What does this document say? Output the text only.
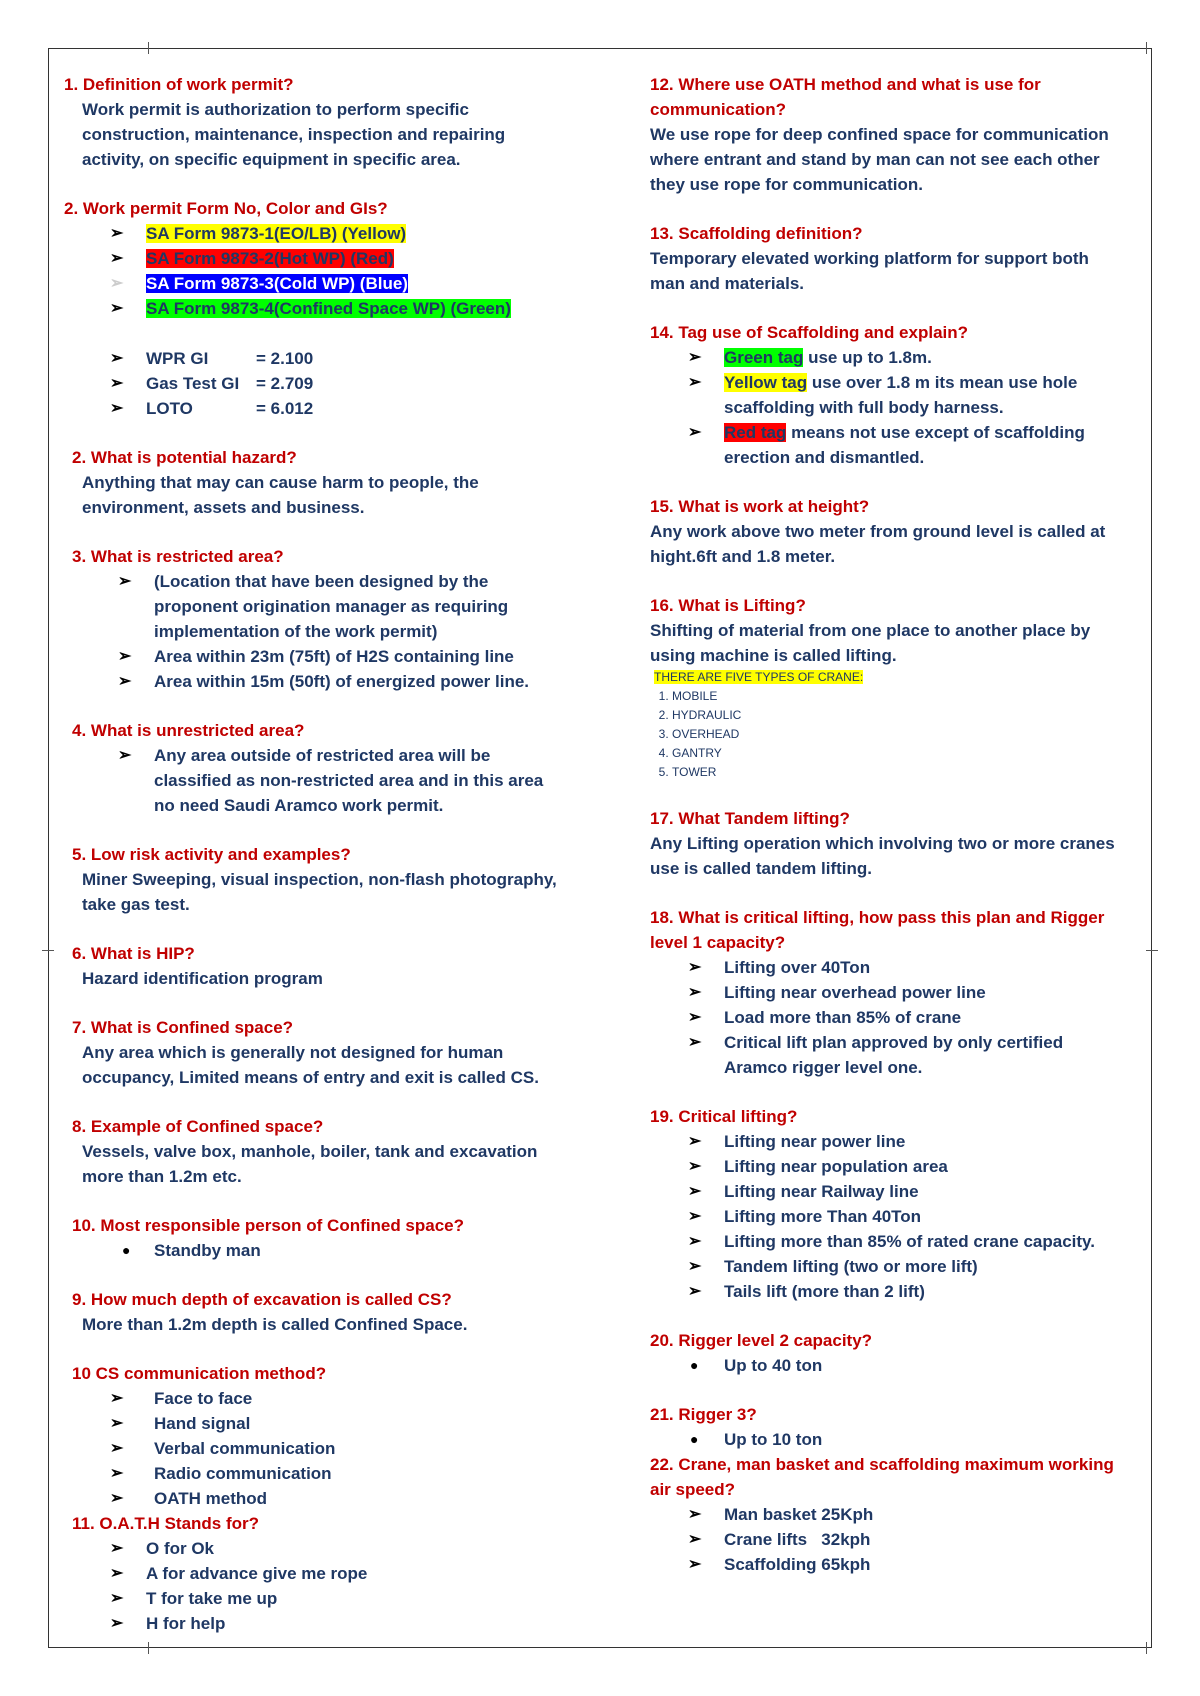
1. Definition of work permit?
Work permit is authorization to perform specific
construction, maintenance, inspection and repairing
activity, on specific equipment in specific area.
2. Work permit Form No, Color and GIs?
➢ SA Form 9873-1(EO/LB) (Yellow)
➢ SA Form 9873-2(Hot WP) (Red)
➢ SA Form 9873-3(Cold WP) (Blue)
➢ SA Form 9873-4(Confined Space WP) (Green)
➢ WPR GI	= 2.100
➢ Gas Test GI = 2.709
➢ LOTO	= 6.012
2. What is potential hazard?
Anything that may can cause harm to people, the
environment, assets and business.
3. What is restricted area?
➢ (Location that have been designed by the
proponent origination manager as requiring
implementation of the work permit)
➢ Area within 23m (75ft) of H2S containing line
➢ Area within 15m (50ft) of energized power line.
4. What is unrestricted area?
➢ Any area outside of restricted area will be
classified as non-restricted area and in this area
no need Saudi Aramco work permit.
5. Low risk activity and examples?
Miner Sweeping, visual inspection, non-flash photography,
take gas test.
6. What is HIP?
Hazard identification program
7. What is Confined space?
Any area which is generally not designed for human
occupancy, Limited means of entry and exit is called CS.
8. Example of Confined space?
Vessels, valve box, manhole, boiler, tank and excavation
more than 1.2m etc.
10. Most responsible person of Confined space?
● Standby man
9. How much depth of excavation is called CS?
More than 1.2m depth is called Confined Space.
10 CS communication method?
➢ Face to face
➢ Hand signal
➢ Verbal communication
➢ Radio communication
➢ OATH method
11. O.A.T.H Stands for?
➢ O for Ok
➢ A for advance give me rope
➢ T for take me up
➢ H for help
12. Where use OATH method and what is use for
communication?
We use rope for deep confined space for communication
where entrant and stand by man can not see each other
they use rope for communication.
13. Scaffolding definition?
Temporary elevated working platform for support both
man and materials.
14. Tag use of Scaffolding and explain?
➢ Green tag use up to 1.8m.
➢ Yellow tag use over 1.8 m its mean use hole
scaffolding with full body harness.
➢ Red tag means not use except of scaffolding
erection and dismantled.
15. What is work at height?
Any work above two meter from ground level is called at
hight.6ft and 1.8 meter.
16. What is Lifting?
Shifting of material from one place to another place by
using machine is called lifting.
THERE ARE FIVE TYPES OF CRANE:
1. MOBILE
2. HYDRAULIC
3. OVERHEAD
4. GANTRY
5. TOWER
17. What Tandem lifting?
Any Lifting operation which involving two or more cranes
use is called tandem lifting.
18. What is critical lifting, how pass this plan and Rigger
level 1 capacity?
➢ Lifting over 40Ton
➢ Lifting near overhead power line
➢ Load more than 85% of crane
➢ Critical lift plan approved by only certified
Aramco rigger level one.
19. Critical lifting?
➢ Lifting near power line
➢ Lifting near population area
➢ Lifting near Railway line
➢ Lifting more Than 40Ton
➢ Lifting more than 85% of rated crane capacity.
➢ Tandem lifting (two or more lift)
➢ Tails lift (more than 2 lift)
20. Rigger level 2 capacity?
● Up to 40 ton
21. Rigger 3?
● Up to 10 ton
22. Crane, man basket and scaffolding maximum working
air speed?
➢ Man basket 25Kph
➢ Crane lifts   32kph
➢ Scaffolding 65kph
